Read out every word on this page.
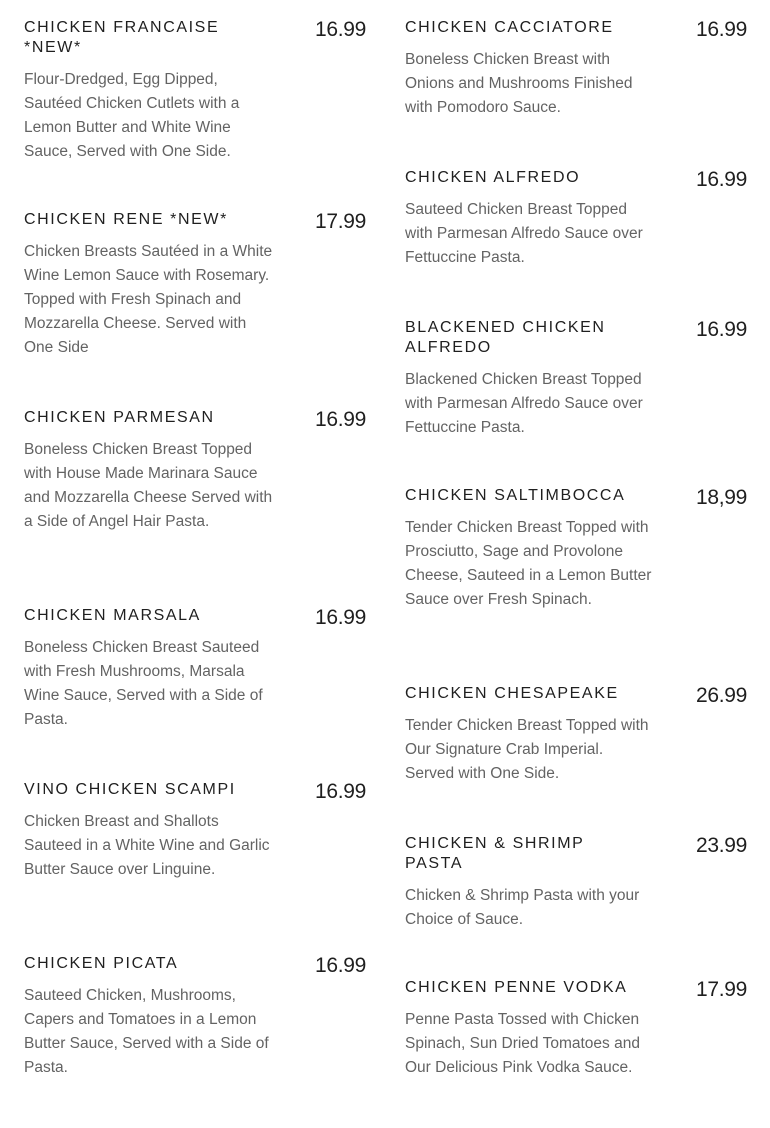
CHICKEN FRANCAISE *NEW*
16.99
Flour-Dredged, Egg Dipped, Sautéed Chicken Cutlets with a Lemon Butter and White Wine Sauce, Served with One Side.
CHICKEN RENE *NEW*	17.99
Chicken Breasts Sautéed in a White Wine Lemon Sauce with Rosemary. Topped with Fresh Spinach and Mozzarella Cheese. Served with One Side
CHICKEN PARMESAN	16.99
Boneless Chicken Breast Topped with House Made Marinara Sauce and Mozzarella Cheese Served with a Side of Angel Hair Pasta.
CHICKEN MARSALA	16.99
Boneless Chicken Breast Sauteed with Fresh Mushrooms, Marsala Wine Sauce, Served with a Side of Pasta.
VINO CHICKEN SCAMPI	16.99
Chicken Breast and Shallots Sauteed in a White Wine and Garlic Butter Sauce over Linguine.
CHICKEN PICATA	16.99
Sauteed Chicken, Mushrooms, Capers and Tomatoes in a Lemon Butter Sauce, Served with a Side of Pasta.
CHICKEN CACCIATORE	16.99
Boneless Chicken Breast with Onions and Mushrooms Finished with Pomodoro Sauce.
CHICKEN ALFREDO	16.99
Sauteed Chicken Breast Topped with Parmesan Alfredo Sauce over Fettuccine Pasta.
BLACKENED CHICKEN ALFREDO
16.99
Blackened Chicken Breast Topped with Parmesan Alfredo Sauce over Fettuccine Pasta.
CHICKEN SALTIMBOCCA	18,99
Tender Chicken Breast Topped with Prosciutto, Sage and Provolone Cheese, Sauteed in a Lemon Butter Sauce over Fresh Spinach.
CHICKEN CHESAPEAKE	26.99
Tender Chicken Breast Topped with Our Signature Crab Imperial. Served with One Side.
CHICKEN & SHRIMP PASTA
23.99
Chicken & Shrimp Pasta with your Choice of Sauce.
CHICKEN PENNE VODKA	17.99
Penne Pasta Tossed with Chicken Spinach, Sun Dried Tomatoes and Our Delicious Pink Vodka Sauce.
